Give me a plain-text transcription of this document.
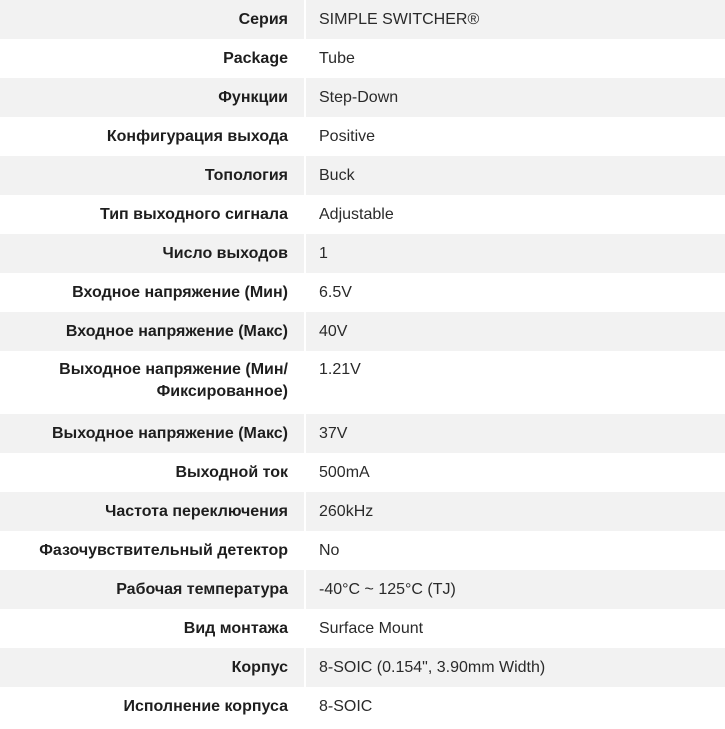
Серия	SIMPLE SWITCHER®
Package	Tube
Функции	Step-Down
Конфигурация выхода	Positive
Топология	Buck
Тип выходного сигнала	Adjustable
Число выходов	1
Входное напряжение (Мин)	6.5V
Входное напряжение (Макс)	40V
Выходное напряжение (Мин/ Фиксированное)	1.21V
Выходное напряжение (Макс)	37V
Выходной ток	500mA
Частота переключения	260kHz
Фазочувствительный детектор	No
Рабочая температура	-40°C ~ 125°C (TJ)
Вид монтажа	Surface Mount
Корпус	8-SOIC (0.154", 3.90mm Width)
Исполнение корпуса	8-SOIC
